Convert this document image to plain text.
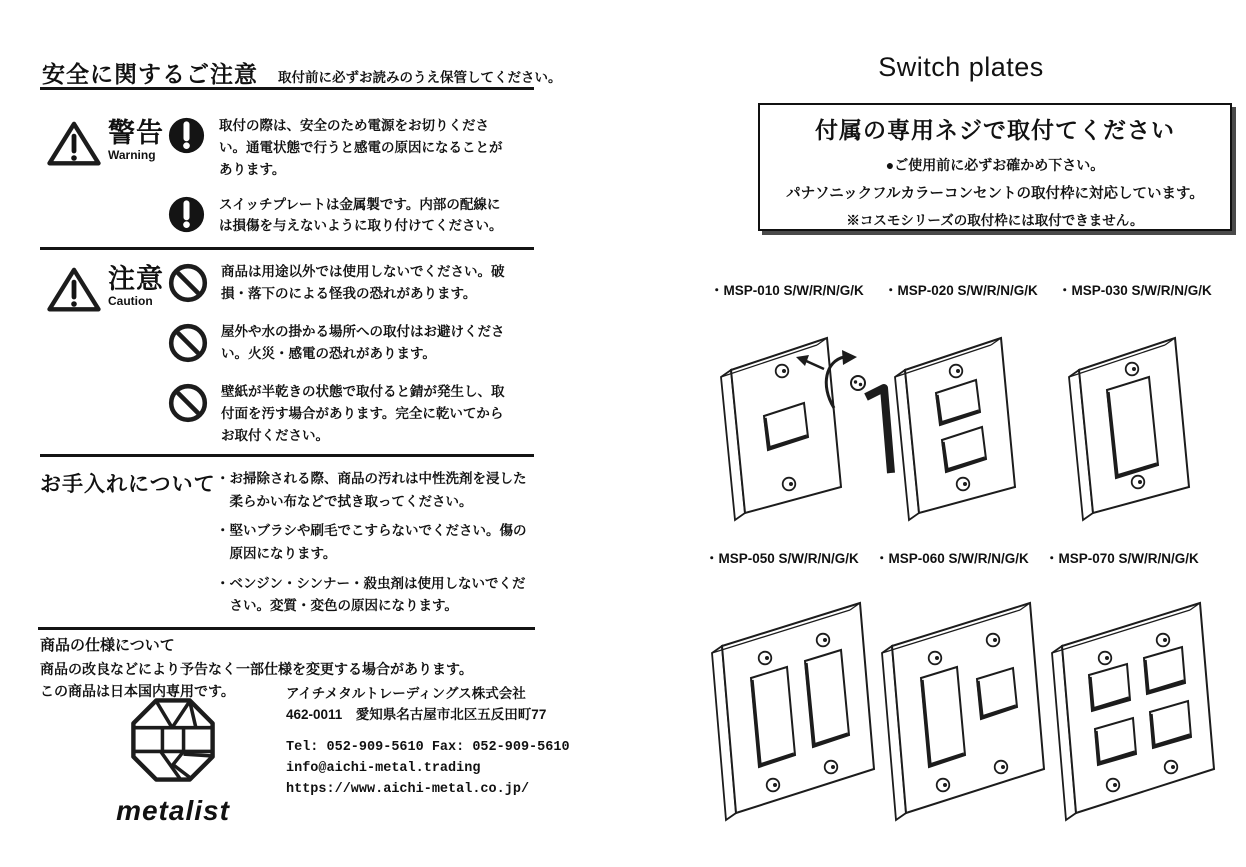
安全に関するご注意 取付前に必ずお読みのうえ保管してください。
警告
Warning
取付の際は、安全のため電源をお切りください。通電状態で行うと感電の原因になることがあります。
スイッチプレートは金属製です。内部の配線には損傷を与えないように取り付けてください。
注意
Caution
商品は用途以外では使用しないでください。破損・落下のによる怪我の恐れがあります。
屋外や水の掛かる場所への取付はお避けください。火災・感電の恐れがあります。
壁紙が半乾きの状態で取付ると錆が発生し、取付面を汚す場合があります。完全に乾いてからお取付ください。
お手入れについて ・お掃除される際、商品の汚れは中性洗剤を浸した柔らかい布などで拭き取ってください。
・堅いブラシや刷毛でこすらないでください。傷の原因になります。
・ベンジン・シンナー・殺虫剤は使用しないでください。変質・変色の原因になります。
商品の仕様について
商品の改良などにより予告なく一部仕様を変更する場合があります。
この商品は日本国内専用です。
metalist
アイチメタルトレーディングス株式会社
462-0011　愛知県名古屋市北区五反田町77
Tel: 052-909-5610 Fax: 052-909-5610
info@aichi-metal.trading
https://www.aichi-metal.co.jp/
Switch plates
付属の専用ネジで取付てください
●ご使用前に必ずお確かめ下さい。
パナソニックフルカラーコンセントの取付枠に対応しています。
※コスモシリーズの取付枠には取付できません。
・MSP-010 S/W/R/N/G/K	・MSP-020 S/W/R/N/G/K	・MSP-030 S/W/R/N/G/K
・MSP-050 S/W/R/N/G/K	・MSP-060 S/W/R/N/G/K	・MSP-070 S/W/R/N/G/K
